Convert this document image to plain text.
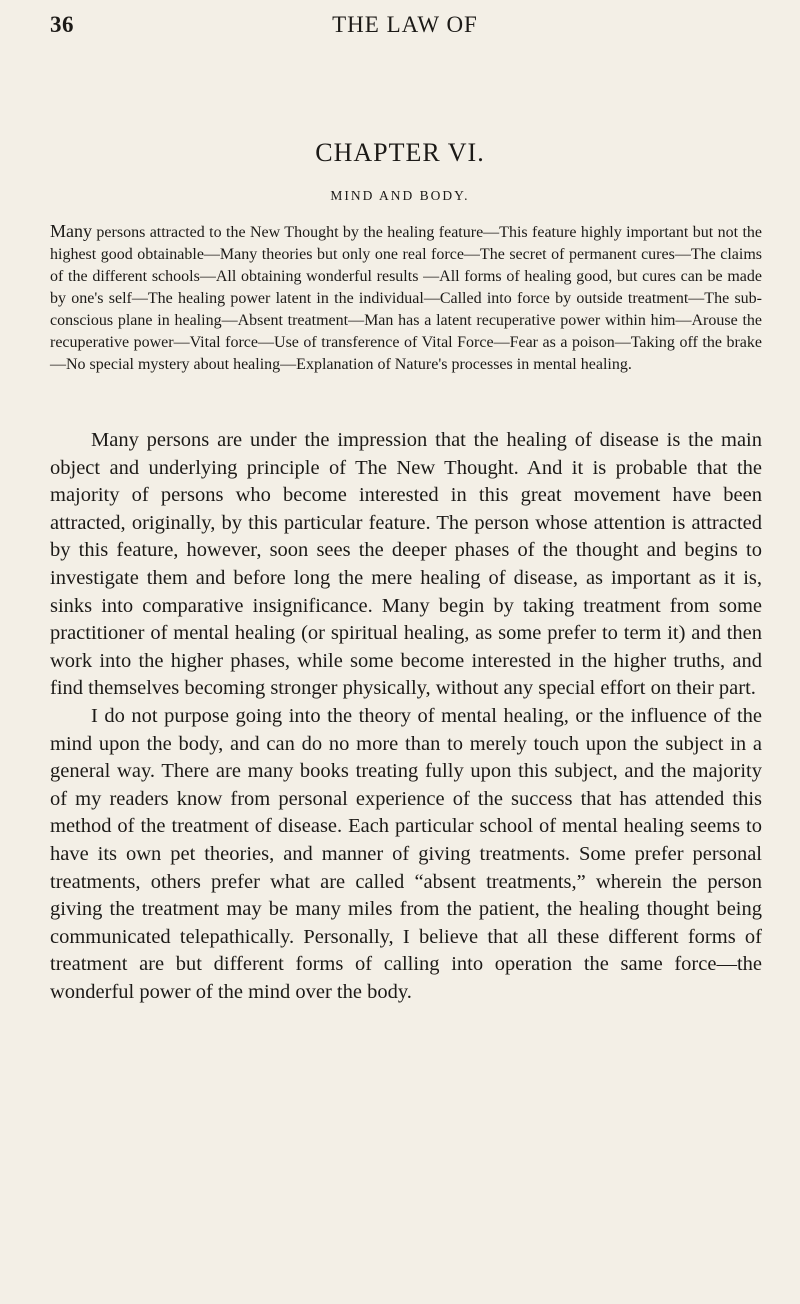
36	THE LAW OF
CHAPTER VI.
MIND AND BODY.

Many persons attracted to the New Thought by the healing feature—This feature highly important but not the highest good obtainable—Many theories but only one real force—The secret of permanent cures—The claims of the different schools—All obtaining wonderful results —All forms of healing good, but cures can be made by one's self—The healing power latent in the individual—Called into force by outside treatment—The sub-conscious plane in healing—Absent treatment—Man has a latent recuperative power within him—Arouse the recuperative power—Vital force—Use of transference of Vital Force—Fear as a poison—Taking off the brake—No special mystery about healing—Explanation of Nature's processes in mental healing.

Many persons are under the impression that the healing of disease is the main object and underlying principle of The New Thought. And it is probable that the majority of persons who become interested in this great movement have been attracted, originally, by this particular feature. The person whose attention is attracted by this feature, however, soon sees the deeper phases of the thought and begins to investigate them and before long the mere healing of disease, as important as it is, sinks into comparative insignificance. Many begin by taking treatment from some practitioner of mental healing (or spiritual healing, as some prefer to term it) and then work into the higher phases, while some become interested in the higher truths, and find themselves becoming stronger physically, without any special effort on their part.

I do not purpose going into the theory of mental healing, or the influence of the mind upon the body, and can do no more than to merely touch upon the subject in a general way. There are many books treating fully upon this subject, and the majority of my readers know from personal experience of the success that has attended this method of the treatment of disease. Each particular school of mental healing seems to have its own pet theories, and manner of giving treatments. Some prefer personal treatments, others prefer what are called “absent treatments,” wherein the person giving the treatment may be many miles from the patient, the healing thought being communicated telepathically. Personally, I believe that all these different forms of treatment are but different forms of calling into operation the same force—the wonderful power of the mind over the body.
